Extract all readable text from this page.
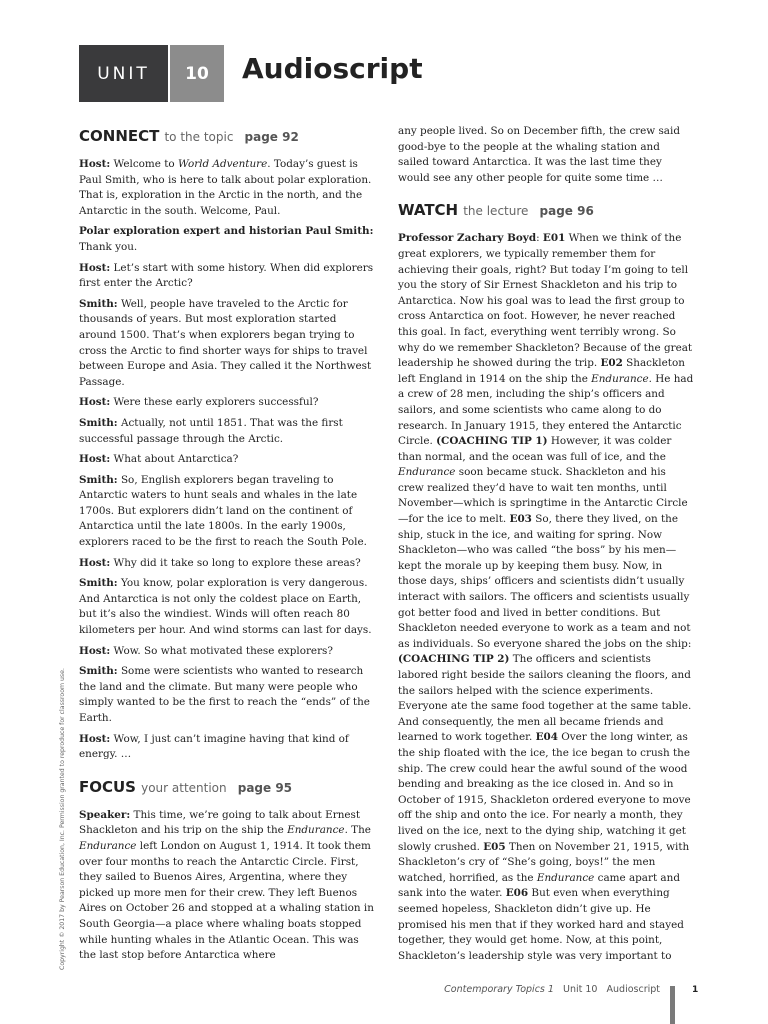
UNIT	10	Audioscript
CONNECT to the topic page 92

Host: Welcome to World Adventure. Today’s guest is Paul Smith, who is here to talk about polar exploration. That is, exploration in the Arctic in the north, and the Antarctic in the south. Welcome, Paul.

Polar exploration expert and historian Paul Smith: Thank you.

Host: Let’s start with some history. When did explorers first enter the Arctic?

Smith: Well, people have traveled to the Arctic for thousands of years. But most exploration started around 1500. That’s when explorers began trying to cross the Arctic to find shorter ways for ships to travel between Europe and Asia. They called it the Northwest Passage.

Host: Were these early explorers successful?

Smith: Actually, not until 1851. That was the first successful passage through the Arctic.

Host: What about Antarctica?

Smith: So, English explorers began traveling to Antarctic waters to hunt seals and whales in the late 1700s. But explorers didn’t land on the continent of Antarctica until the late 1800s. In the early 1900s, explorers raced to be the first to reach the South Pole.

Host: Why did it take so long to explore these areas?

Smith: You know, polar exploration is very dangerous. And Antarctica is not only the coldest place on Earth, but it’s also the windiest. Winds will often reach 80 kilometers per hour. And wind storms can last for days.

Host: Wow. So what motivated these explorers?

Smith: Some were scientists who wanted to research the land and the climate. But many were people who simply wanted to be the first to reach the “ends” of the Earth.

Host: Wow, I just can’t imagine having that kind of energy. …

FOCUS your attention page 95

Speaker: This time, we’re going to talk about Ernest Shackleton and his trip on the ship the Endurance. The Endurance left London on August 1, 1914. It took them over four months to reach the Antarctic Circle. First, they sailed to Buenos Aires, Argentina, where they picked up more men for their crew. They left Buenos Aires on October 26 and stopped at a whaling station in South Georgia—a place where whaling boats stopped while hunting whales in the Atlantic Ocean. This was the last stop before Antarctica where

any people lived. So on December fifth, the crew said good-bye to the people at the whaling station and sailed toward Antarctica. It was the last time they would see any other people for quite some time …

WATCH the lecture page 96

Professor Zachary Boyd: E01 When we think of the great explorers, we typically remember them for achieving their goals, right? But today I’m going to tell you the story of Sir Ernest Shackleton and his trip to Antarctica. Now his goal was to lead the first group to cross Antarctica on foot. However, he never reached this goal. In fact, everything went terribly wrong. So why do we remember Shackleton? Because of the great leadership he showed during the trip. E02 Shackleton left England in 1914 on the ship the Endurance. He had a crew of 28 men, including the ship’s officers and sailors, and some scientists who came along to do research. In January 1915, they entered the Antarctic Circle. (COACHING TIP 1) However, it was colder than normal, and the ocean was full of ice, and the Endurance soon became stuck. Shackleton and his crew realized they’d have to wait ten months, until November—which is springtime in the Antarctic Circle—for the ice to melt. E03 So, there they lived, on the ship, stuck in the ice, and waiting for spring. Now Shackleton—who was called “the boss” by his men—kept the morale up by keeping them busy. Now, in those days, ships’ officers and scientists didn’t usually interact with sailors. The officers and scientists usually got better food and lived in better conditions. But Shackleton needed everyone to work as a team and not as individuals. So everyone shared the jobs on the ship: (COACHING TIP 2) The officers and scientists labored right beside the sailors cleaning the floors, and the sailors helped with the science experiments. Everyone ate the same food together at the same table. And consequently, the men all became friends and learned to work together. E04 Over the long winter, as the ship floated with the ice, the ice began to crush the ship. The crew could hear the awful sound of the wood bending and breaking as the ice closed in. And so in October of 1915, Shackleton ordered everyone to move off the ship and onto the ice. For nearly a month, they lived on the ice, next to the dying ship, watching it get slowly crushed. E05 Then on November 21, 1915, with Shackleton’s cry of “She’s going, boys!” the men watched, horrified, as the Endurance came apart and sank into the water. E06 But even when everything seemed hopeless, Shackleton didn’t give up. He promised his men that if they worked hard and stayed together, they would get home. Now, at this point, Shackleton’s leadership style was very important to

Copyright © 2017 by Pearson Education, Inc. Permission granted to reproduce for classroom use.
Contemporary Topics 1 Unit 10 Audioscript	1
